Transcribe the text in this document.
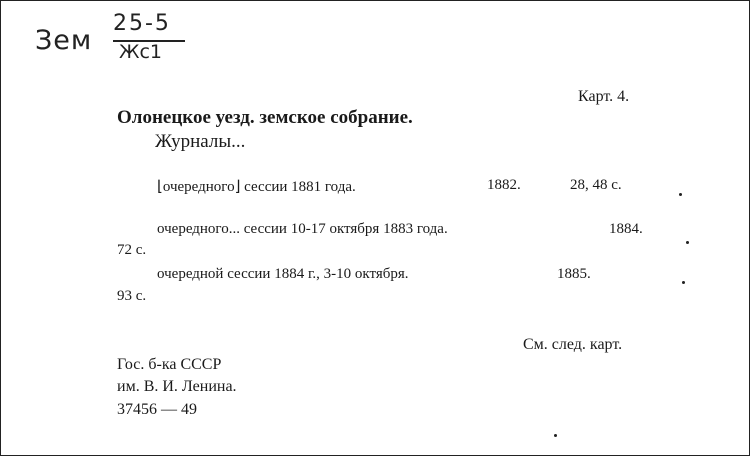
Зем
25-5
Жс1
Карт. 4.
Олонецкое уезд. земское собрание.
Журналы...
⌊очередного⌋ сессии 1881 года.	1882.	28, 48 с.
очередного... сессии 10-17 октября 1883 года.	1884.
72 с.
очередной сессии 1884 г., 3-10 октября.	1885.
93 с.
См. след. карт.
Гос. б-ка СССР
им. В. И. Ленина.
37456 — 49
